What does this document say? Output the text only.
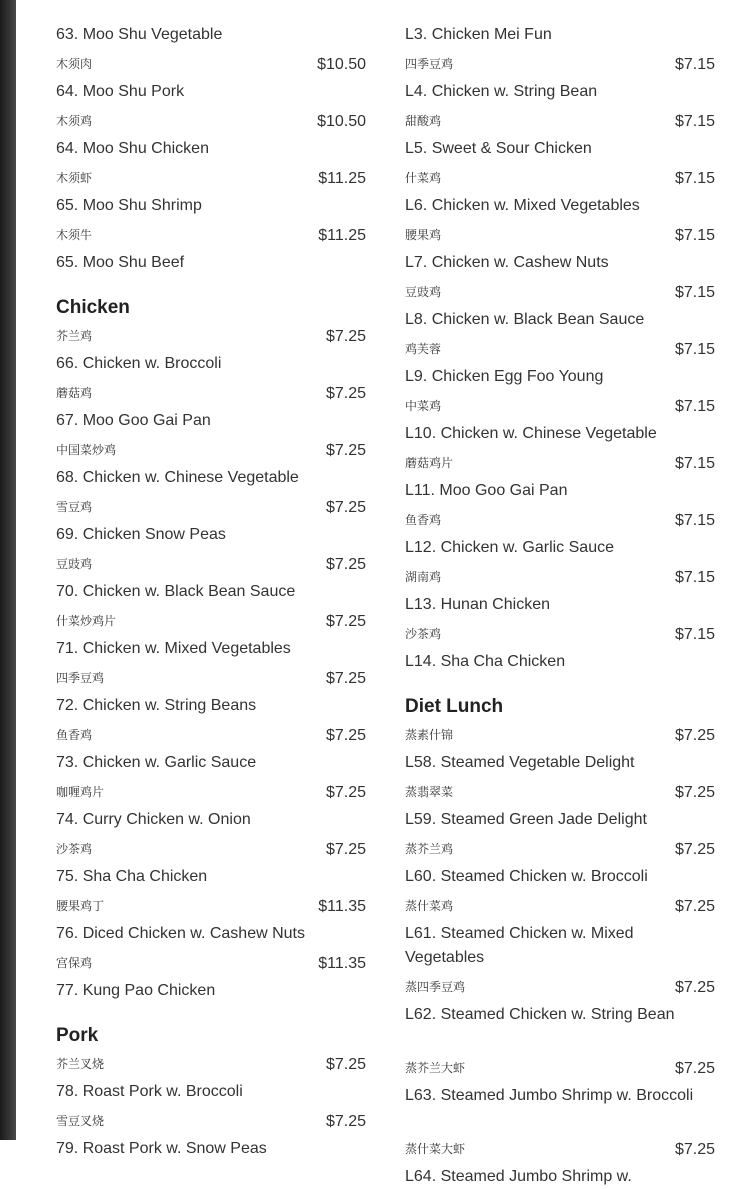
63. Moo Shu Vegetable
木须肉	$10.50
64. Moo Shu Pork
木须鸡	$10.50
64. Moo Shu Chicken
木须虾	$11.25
65. Moo Shu Shrimp
木须牛	$11.25
65. Moo Shu Beef
Chicken
芥兰鸡	$7.25
66. Chicken w. Broccoli
蘑菇鸡	$7.25
67. Moo Goo Gai Pan
中国菜炒鸡	$7.25
68. Chicken w. Chinese Vegetable
雪豆鸡	$7.25
69. Chicken Snow Peas
豆豉鸡	$7.25
70. Chicken w. Black Bean Sauce
什菜炒鸡片	$7.25
71. Chicken w. Mixed Vegetables
四季豆鸡	$7.25
72. Chicken w. String Beans
鱼香鸡	$7.25
73. Chicken w. Garlic Sauce
咖喱鸡片	$7.25
74. Curry Chicken w. Onion
沙茶鸡	$7.25
75. Sha Cha Chicken
腰果鸡丁	$11.35
76. Diced Chicken w. Cashew Nuts
宫保鸡	$11.35
77. Kung Pao Chicken
Pork
芥兰叉烧	$7.25
78. Roast Pork w. Broccoli
雪豆叉烧	$7.25
79. Roast Pork w. Snow Peas
L3. Chicken Mei Fun
四季豆鸡	$7.15
L4. Chicken w. String Bean
甜酸鸡	$7.15
L5. Sweet & Sour Chicken
什菜鸡	$7.15
L6. Chicken w. Mixed Vegetables
腰果鸡	$7.15
L7. Chicken w. Cashew Nuts
豆豉鸡	$7.15
L8. Chicken w. Black Bean Sauce
鸡芙蓉	$7.15
L9. Chicken Egg Foo Young
中菜鸡	$7.15
L10. Chicken w. Chinese Vegetable
蘑菇鸡片	$7.15
L11. Moo Goo Gai Pan
鱼香鸡	$7.15
L12. Chicken w. Garlic Sauce
湖南鸡	$7.15
L13. Hunan Chicken
沙茶鸡	$7.15
L14. Sha Cha Chicken
Diet Lunch
蒸素什锦	$7.25
L58. Steamed Vegetable Delight
蒸翡翠菜	$7.25
L59. Steamed Green Jade Delight
蒸芥兰鸡	$7.25
L60. Steamed Chicken w. Broccoli
蒸什菜鸡	$7.25
L61. Steamed Chicken w. Mixed Vegetables
蒸四季豆鸡	$7.25
L62. Steamed Chicken w. String Bean
蒸芥兰大虾	$7.25
L63. Steamed Jumbo Shrimp w. Broccoli
蒸什菜大虾	$7.25
L64. Steamed Jumbo Shrimp w.
